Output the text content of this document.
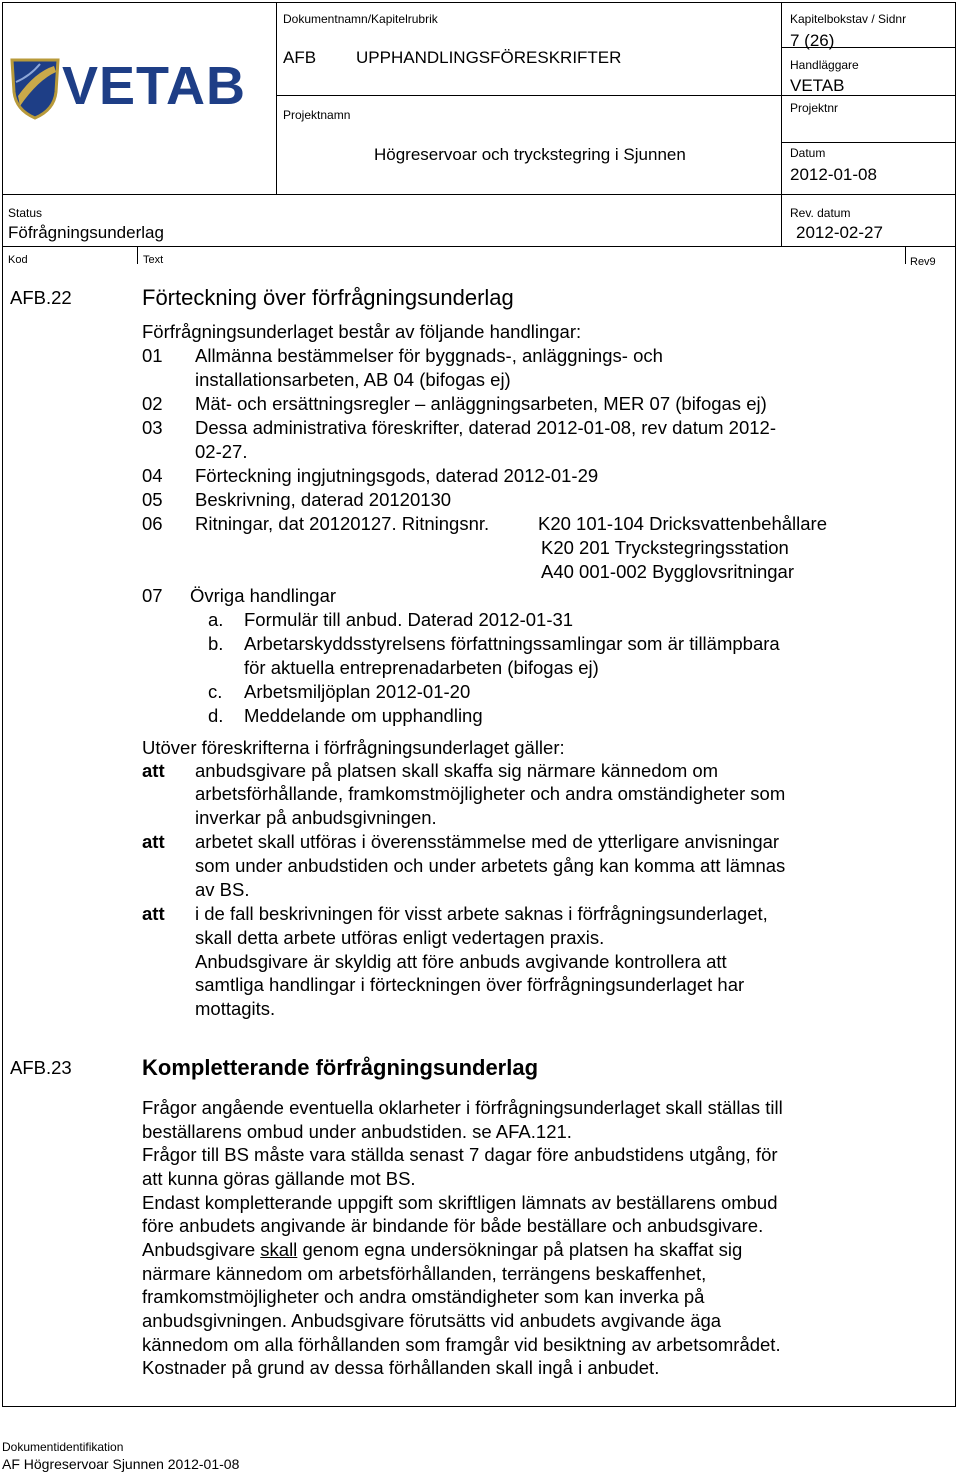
VETAB
Dokumentnamn/Kapitelrubrik
AFB UPPHANDLINGSFÖRESKRIFTER
Projektnamn
Högreservoar och tryckstegring i Sjunnen
Kapitelbokstav / Sidnr
7 (26)
Handläggare
VETAB
Projektnr
Datum
2012-01-08
Status
Föfrågningsunderlag
Rev. datum
2012-02-27
Kod	Text	Rev9
AFB.22	Förteckning över förfrågningsunderlag
Förfrågningsunderlaget består av följande handlingar:
01 Allmänna bestämmelser för byggnads-, anläggnings- och
installationsarbeten, AB 04 (bifogas ej)
02 Mät- och ersättningsregler – anläggningsarbeten, MER 07 (bifogas ej)
03 Dessa administrativa föreskrifter, daterad 2012-01-08, rev datum 2012-
02-27.
04 Förteckning ingjutningsgods, daterad 2012-01-29
05 Beskrivning, daterad 20120130
06 Ritningar, dat 20120127. Ritningsnr.	K20 101-104 Dricksvattenbehållare
K20 201 Tryckstegringsstation
A40 001-002 Bygglovsritningar
07 Övriga handlingar
a. Formulär till anbud. Daterad 2012-01-31
b. Arbetarskyddsstyrelsens författningssamlingar som är tillämpbara
för aktuella entreprenadarbeten (bifogas ej)
c. Arbetsmiljöplan 2012-01-20
d. Meddelande om upphandling
Utöver föreskrifterna i förfrågningsunderlaget gäller:
att anbudsgivare på platsen skall skaffa sig närmare kännedom om
arbetsförhållande, framkomstmöjligheter och andra omständigheter som
inverkar på anbudsgivningen.
att arbetet skall utföras i överensstämmelse med de ytterligare anvisningar
som under anbudstiden och under arbetets gång kan komma att lämnas
av BS.
att i de fall beskrivningen för visst arbete saknas i förfrågningsunderlaget,
skall detta arbete utföras enligt vedertagen praxis.
Anbudsgivare är skyldig att före anbuds avgivande kontrollera att
samtliga handlingar i förteckningen över förfrågningsunderlaget har
mottagits.
AFB.23	Kompletterande förfrågningsunderlag
Frågor angående eventuella oklarheter i förfrågningsunderlaget skall ställas till
beställarens ombud under anbudstiden. se AFA.121.
Frågor till BS måste vara ställda senast 7 dagar före anbudstidens utgång, för
att kunna göras gällande mot BS.
Endast kompletterande uppgift som skriftligen lämnats av beställarens ombud
före anbudets angivande är bindande för både beställare och anbudsgivare.
Anbudsgivare skall genom egna undersökningar på platsen ha skaffat sig
närmare kännedom om arbetsförhållanden, terrängens beskaffenhet,
framkomstmöjligheter och andra omständigheter som kan inverka på
anbudsgivningen. Anbudsgivare förutsätts vid anbudets avgivande äga
kännedom om alla förhållanden som framgår vid besiktning av arbetsområdet.
Kostnader på grund av dessa förhållanden skall ingå i anbudet.
Dokumentidentifikation
AF Högreservoar Sjunnen 2012-01-08
